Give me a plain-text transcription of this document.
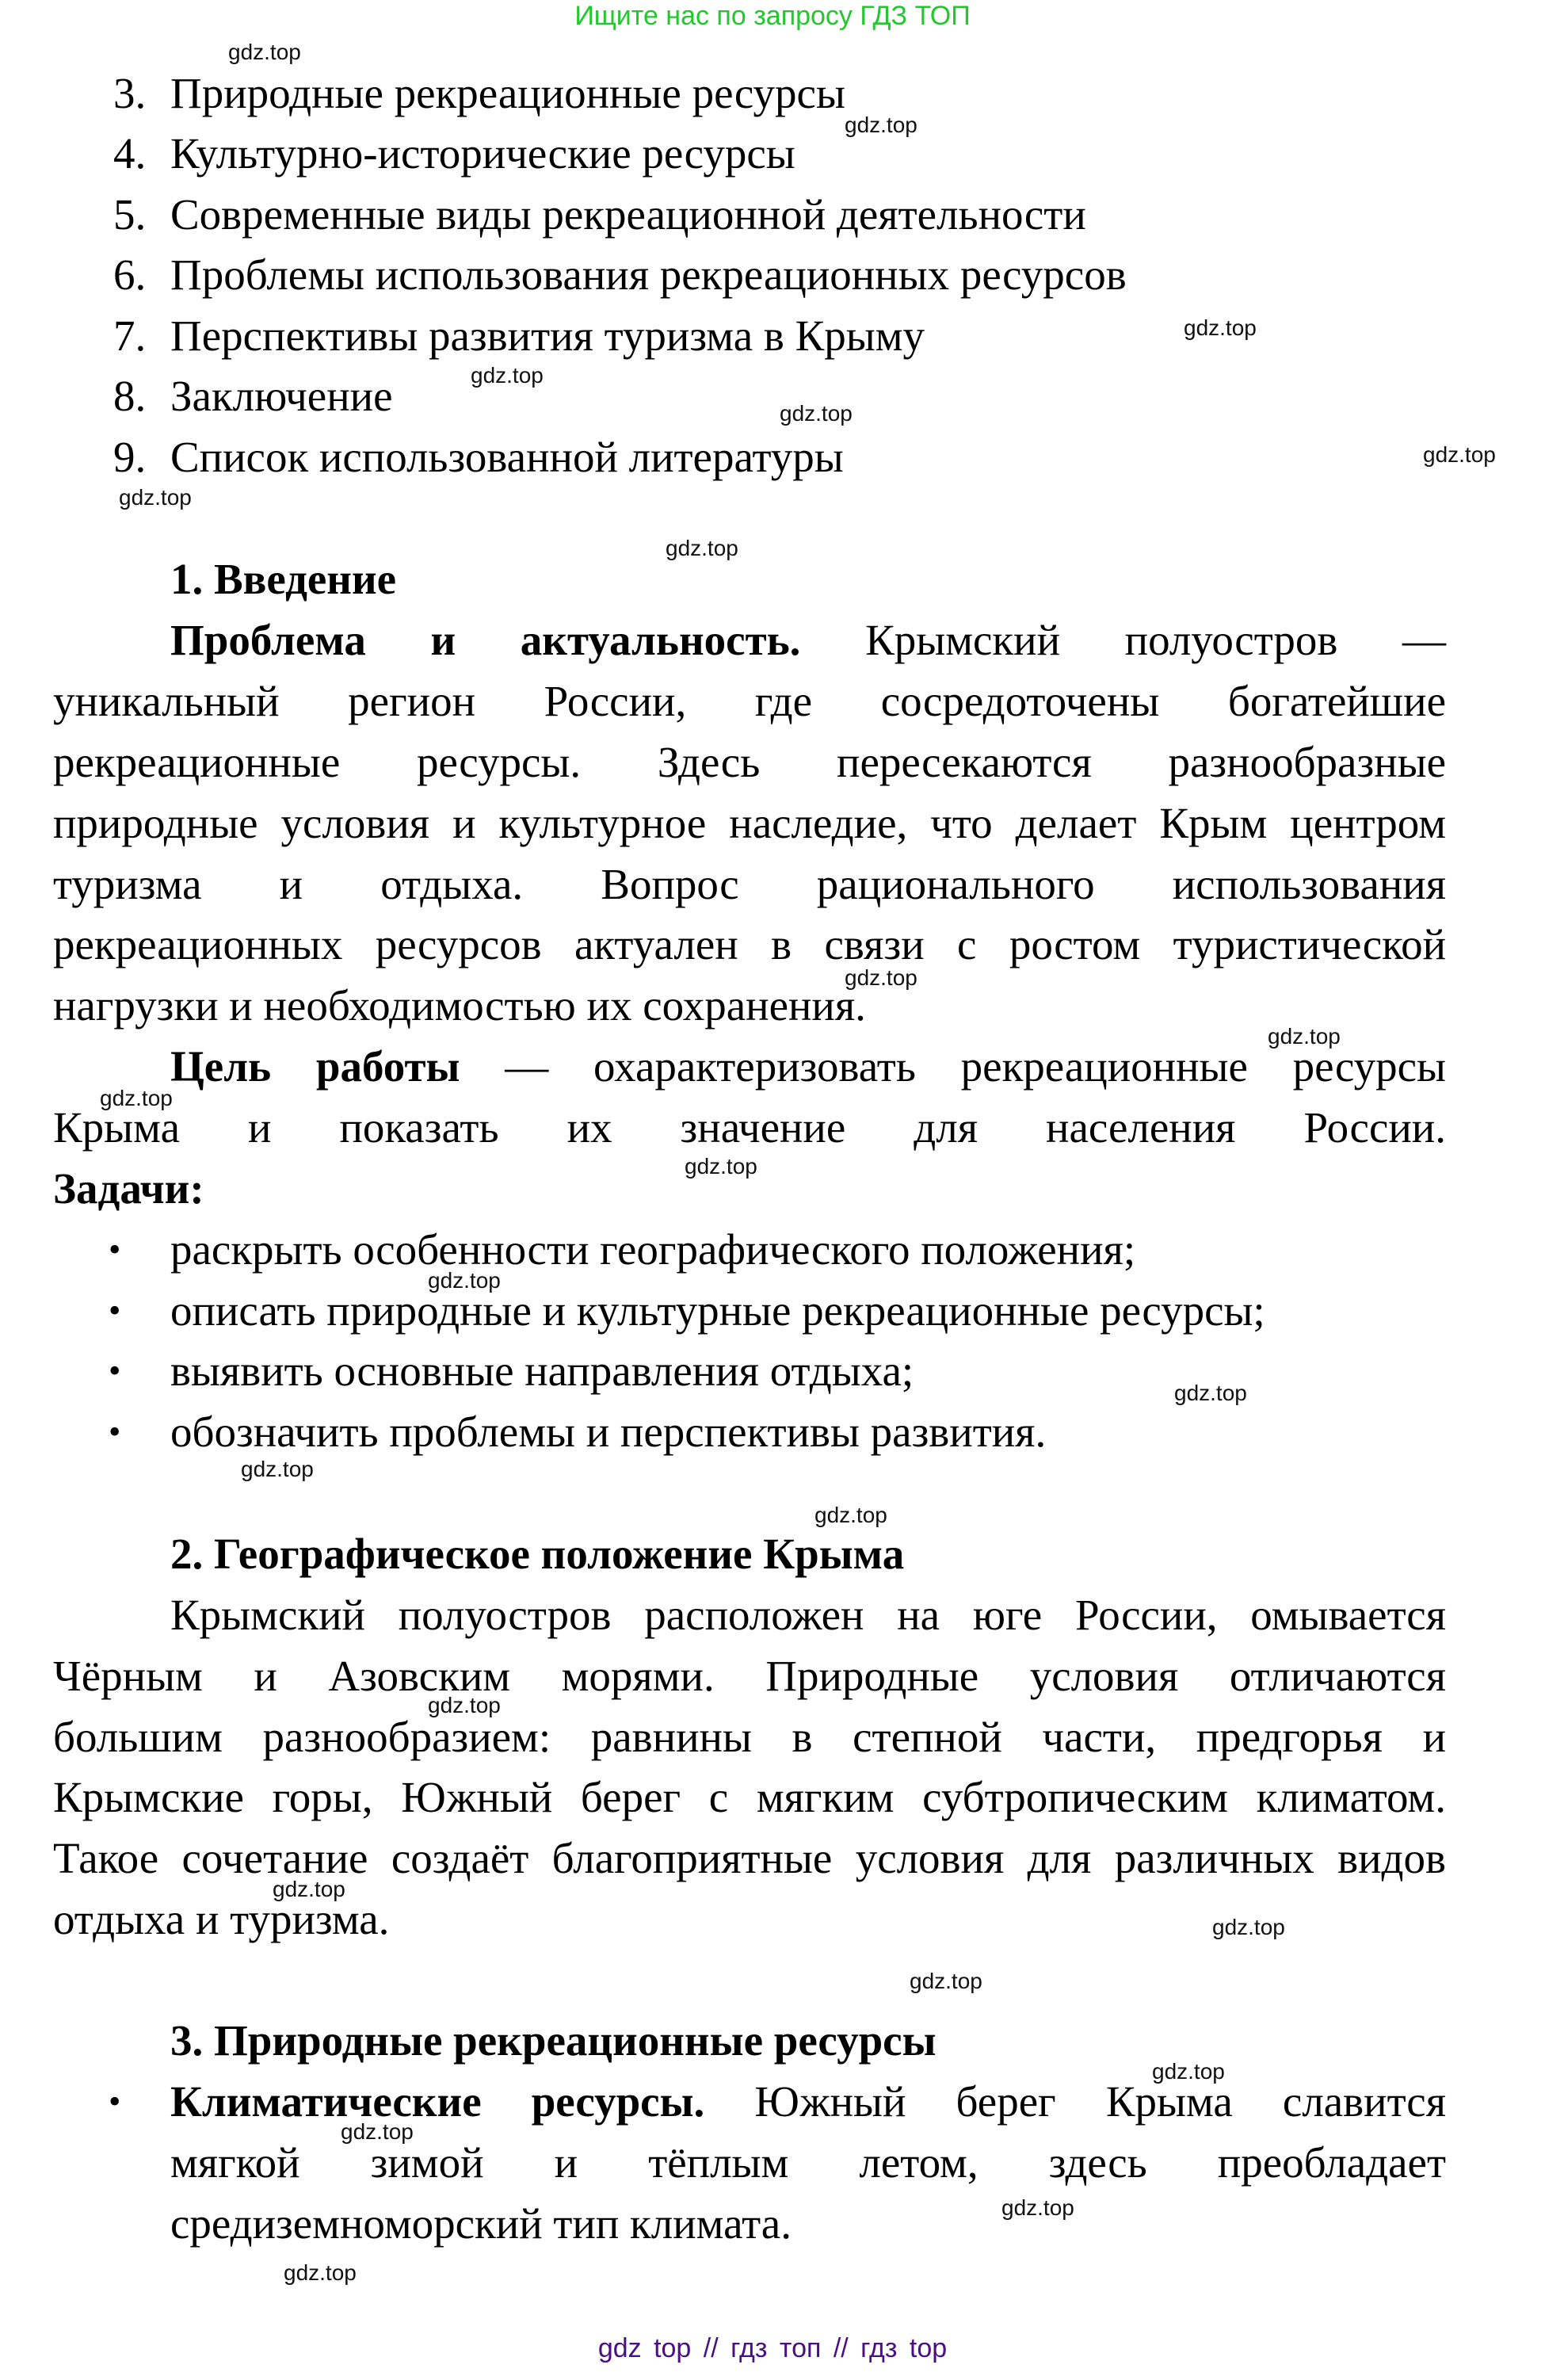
Ищите нас по запросу ГДЗ ТОП
3. Природные рекреационные ресурсы
4. Культурно-исторические ресурсы
5. Современные виды рекреационной деятельности
6. Проблемы использования рекреационных ресурсов
7. Перспективы развития туризма в Крыму
8. Заключение
9. Список использованной литературы
1. Введение
Проблема и актуальность. Крымский полуостров —
уникальный регион России, где сосредоточены богатейшие
рекреационные ресурсы. Здесь пересекаются разнообразные
природные условия и культурное наследие, что делает Крым центром
туризма и отдыха. Вопрос рационального использования
рекреационных ресурсов актуален в связи с ростом туристической
нагрузки и необходимостью их сохранения.
Цель работы — охарактеризовать рекреационные ресурсы
Крыма и показать их значение для населения России.
Задачи:
• раскрыть особенности географического положения;
• описать природные и культурные рекреационные ресурсы;
• выявить основные направления отдыха;
• обозначить проблемы и перспективы развития.
2. Географическое положение Крыма
Крымский полуостров расположен на юге России, омывается
Чёрным и Азовским морями. Природные условия отличаются
большим разнообразием: равнины в степной части, предгорья и
Крымские горы, Южный берег с мягким субтропическим климатом.
Такое сочетание создаёт благоприятные условия для различных видов
отдыха и туризма.
3. Природные рекреационные ресурсы
• Климатические ресурсы. Южный берег Крыма славится
мягкой зимой и тёплым летом, здесь преобладает
средиземноморский тип климата.
gdz.top
gdz.top
gdz.top
gdz.top
gdz.top
gdz.top
gdz.top
gdz.top
gdz.top
gdz.top
gdz.top
gdz.top
gdz.top
gdz.top
gdz.top
gdz.top
gdz.top
gdz.top
gdz.top
gdz.top
gdz.top
gdz.top
gdz.top
gdz.top
gdz top // гдз топ // гдз top
